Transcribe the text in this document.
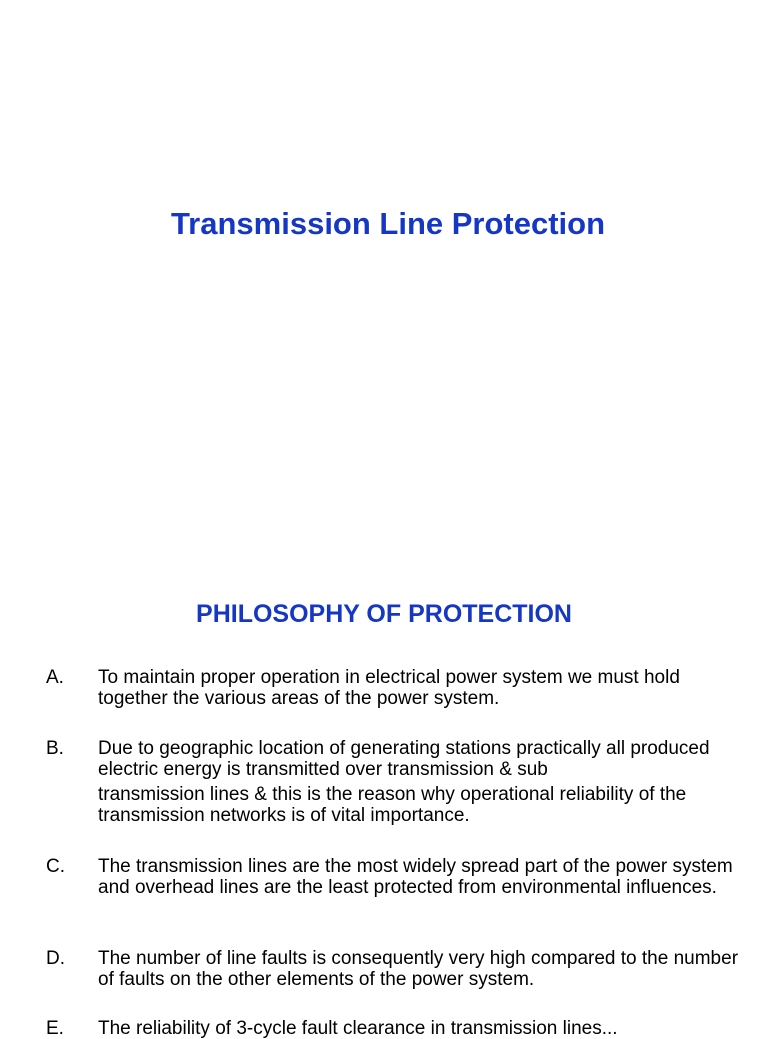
Transmission Line Protection
PHILOSOPHY OF PROTECTION
A. To maintain proper operation in electrical power system we must hold together the various areas of the power system.
B. Due to geographic location of generating stations practically all produced electric energy is transmitted over transmission & sub
transmission lines & this is the reason why operational reliability of the transmission networks is of vital importance.
C. The transmission lines are the most widely spread part of the power system and overhead lines are the least protected from environmental influences.
D. The number of line faults is consequently very high compared to the number of faults on the other elements of the power system.
E. The reliability of 3-cycle fault clearance in transmission lines...
